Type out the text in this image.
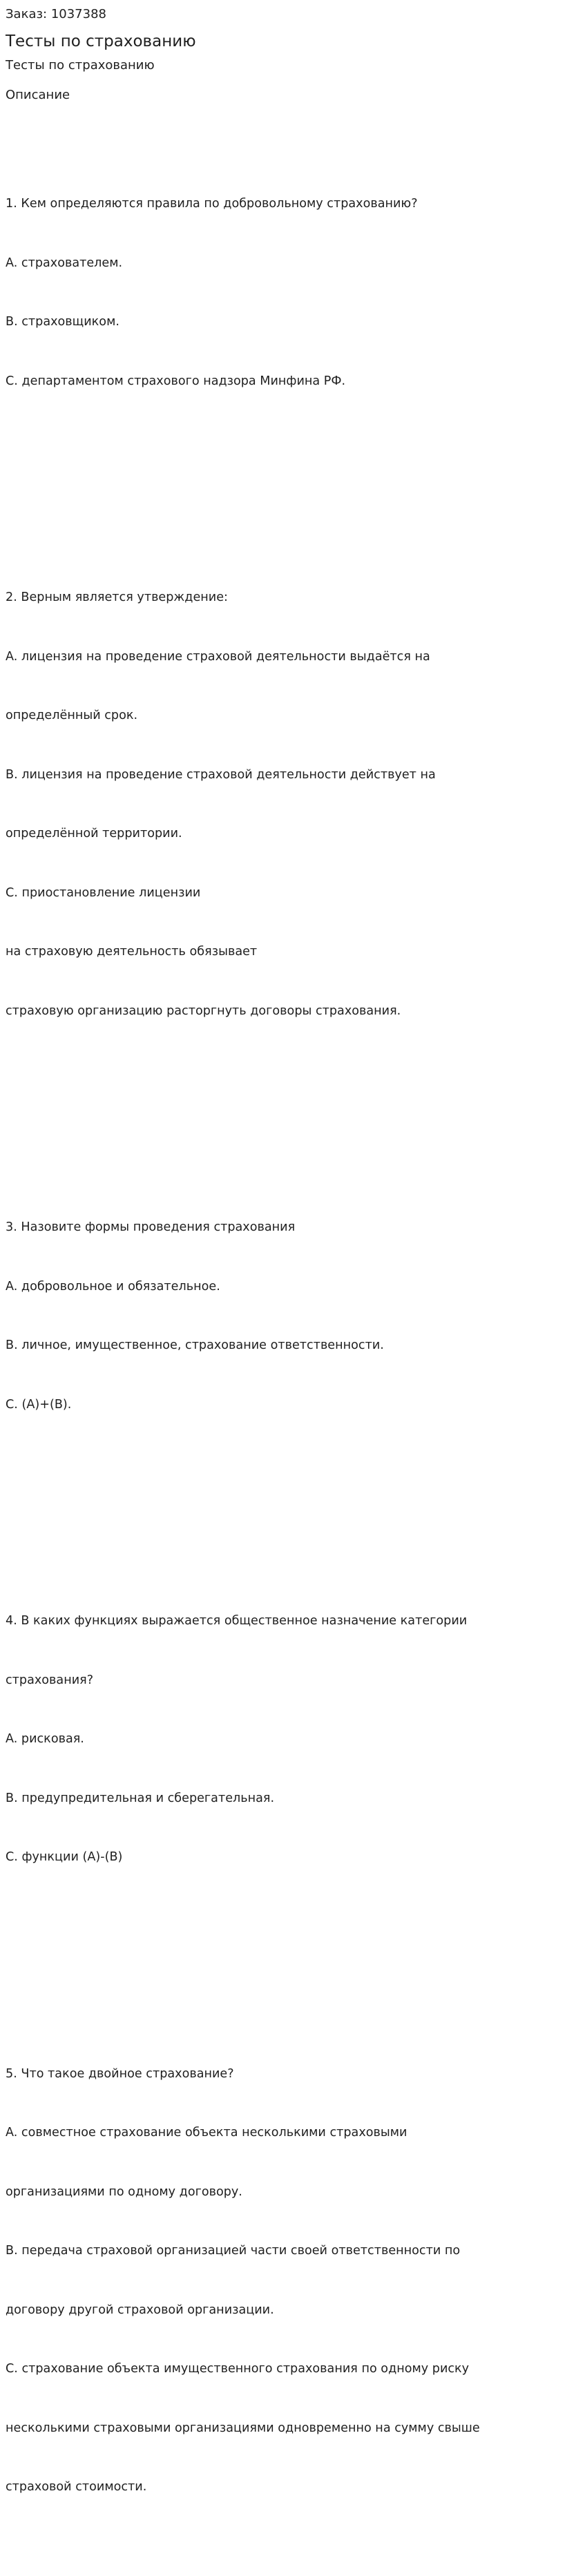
Заказ: 1037388
Тесты по страхованию
Тесты по страхованию
Описание

1. Кем определяются правила по добровольному страхованию?

A. страхователем.

B. страховщиком.

C. департаментом страхового надзора Минфина РФ.

2. Верным является утверждение:

A. лицензия на проведение страховой деятельности выдаётся на

определённый срок.

B. лицензия на проведение страховой деятельности действует на

определённой территории.

C. приостановление лицензии

на страховую деятельность обязывает

страховую организацию расторгнуть договоры страхования.

3. Назовите формы проведения страхования

A. добровольное и обязательное.

B. личное, имущественное, страхование ответственности.

C. (A)+(B).

4. В каких функциях выражается общественное назначение категории

страхования?

A. рисковая.

B. предупредительная и сберегательная.

C. функции (A)-(B)

5. Что такое двойное страхование?

A. совместное страхование объекта несколькими страховыми

организациями по одному договору.

B. передача страховой организацией части своей ответственности по

договору другой страховой организации.

C. страхование объекта имущественного страхования по одному риску

несколькими страховыми организациями одновременно на сумму свыше

страховой стоимости.
